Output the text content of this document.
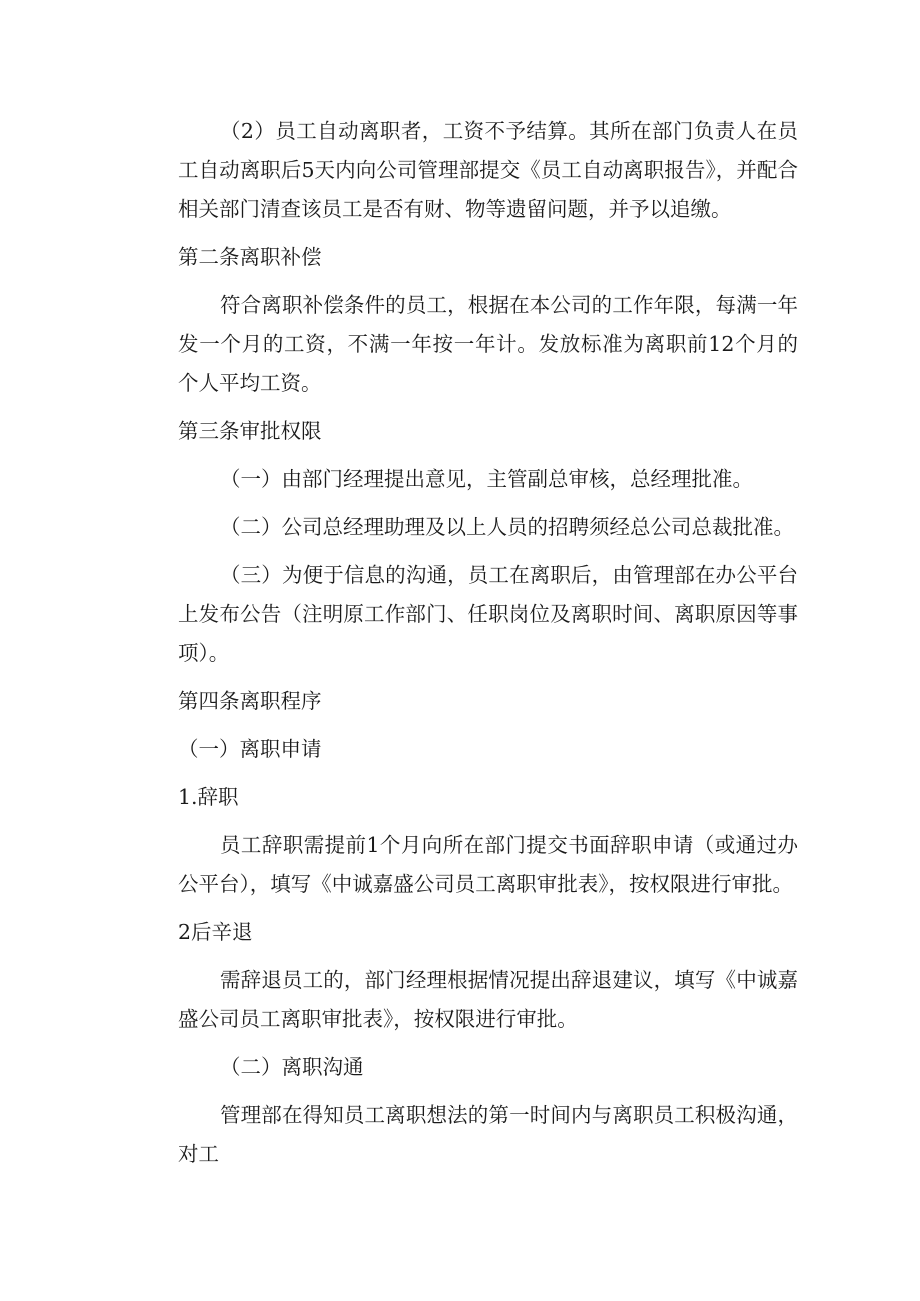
（2）员工自动离职者，工资不予结算。其所在部门负责人在员工自动离职后5天内向公司管理部提交《员工自动离职报告》，并配合相关部门清查该员工是否有财、物等遗留问题，并予以追缴。

第二条离职补偿

符合离职补偿条件的员工，根据在本公司的工作年限，每满一年发一个月的工资，不满一年按一年计。发放标准为离职前12个月的个人平均工资。

第三条审批权限

（一）由部门经理提出意见，主管副总审核，总经理批准。

（二）公司总经理助理及以上人员的招聘须经总公司总裁批准。

（三）为便于信息的沟通，员工在离职后，由管理部在办公平台上发布公告（注明原工作部门、任职岗位及离职时间、离职原因等事项）。

第四条离职程序

（一）离职申请

1.辞职

员工辞职需提前1个月向所在部门提交书面辞职申请（或通过办公平台），填写《中诚嘉盛公司员工离职审批表》，按权限进行审批。

2后辛退

需辞退员工的，部门经理根据情况提出辞退建议，填写《中诚嘉盛公司员工离职审批表》，按权限进行审批。

（二）离职沟通

管理部在得知员工离职想法的第一时间内与离职员工积极沟通，对工
